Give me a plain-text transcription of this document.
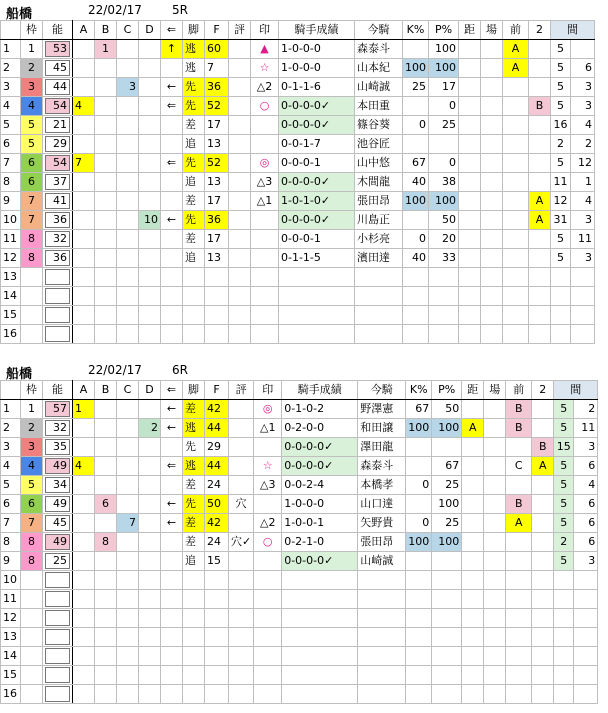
船橋	22/02/17	5R
	枠	能	A	B	C	D	⇐	脚	F	評	印	騎手成績	今騎	K%	P%	距	場	前	2	間	
1	1	53		1			↑	逃	60		▲	1-0-0-0	森泰斗		100			A		5	
2	2	45						逃	7		☆	1-0-0-0	山本紀	100	100			A		5	6
3	3	44			3		←	先	36		△2	0-1-1-6	山崎誠	25	17					5	3
4	4	54	4				⇐	先	52		○	0-0-0-0✓	本田重		0				B	5	3
5	5	21						差	17			0-0-0-0✓	篠谷葵	0	25					16	4
6	5	29						追	13			0-0-1-7	池谷匠							2	2
7	6	54	7				⇐	先	52		◎	0-0-0-1	山中悠	67	0					5	12
8	6	37						追	13		△3	0-0-0-0✓	木間龍	40	38					11	1
9	7	41						差	17		△1	1-0-1-0✓	張田昂	100	100				A	12	4
10	7	36				10	←	先	36			0-0-0-0✓	川島正		50				A	31	3
11	8	32						差	17			0-0-0-1	小杉亮	0	20					5	11
12	8	36						追	13			0-1-1-5	濱田達	40	33					5	3
13		

14		

15		

16		

船橋	22/02/17	6R
	枠	能	A	B	C	D	⇐	脚	F	評	印	騎手成績	今騎	K%	P%	距	場	前	2	間	
1	1	57	1				←	差	42		◎	0-1-0-2	野澤憲	67	50			B		5	2
2	2	32				2	←	逃	44		△1	0-2-0-0	和田譲	100	100	A		B		5	11
3	3	35						先	29			0-0-0-0✓	澤田龍						B	15	3
4	4	49	4				⇐	逃	44		☆	0-0-0-0✓	森泰斗		67			C	A	5	6
5	5	34						差	24		△3	0-0-2-4	本橋孝	0	25					5	4
6	6	49		6			←	先	50	穴		1-0-0-0	山口達		100			B		5	6
7	7	45			7		←	差	42		△2	1-0-0-1	矢野貴	0	25			A		5	6
8	8	49		8				差	24	穴✓	○	0-2-1-0	張田昂	100	100					2	6
9	8	25						追	15			0-0-0-0✓	山崎誠							5	3
10		

11		

12		

13		

14		

15		

16		
